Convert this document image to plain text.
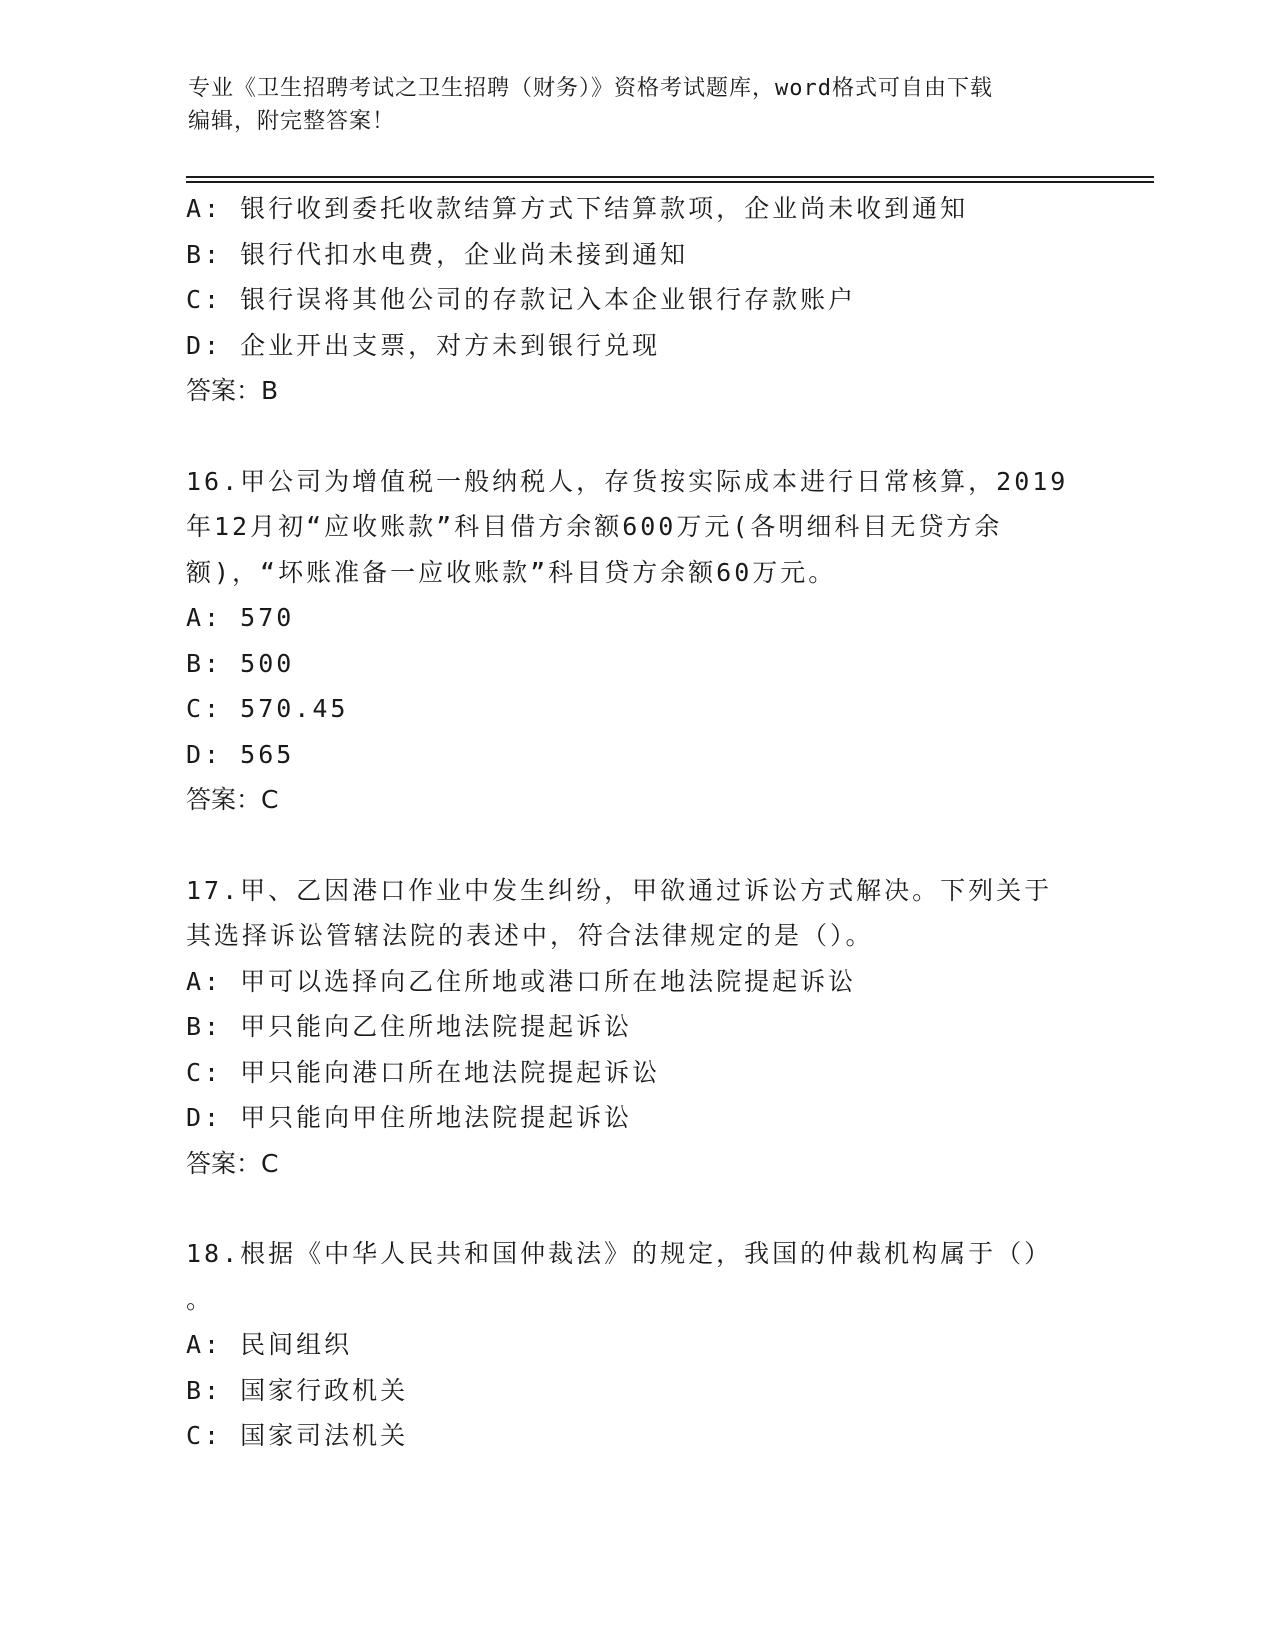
专业《卫生招聘考试之卫生招聘（财务）》资格考试题库，word格式可自由下载
编辑，附完整答案！
A: 银行收到委托收款结算方式下结算款项，企业尚未收到通知
B: 银行代扣水电费，企业尚未接到通知
C: 银行误将其他公司的存款记入本企业银行存款账户
D: 企业开出支票，对方未到银行兑现
答案：B
16.甲公司为增值税一般纳税人，存货按实际成本进行日常核算，2019
年12月初“应收账款”科目借方余额600万元(各明细科目无贷方余
额)，“坏账准备一应收账款”科目贷方余额60万元。
A: 570
B: 500
C: 570.45
D: 565
答案：C
17.甲、乙因港口作业中发生纠纷，甲欲通过诉讼方式解决。下列关于
其选择诉讼管辖法院的表述中，符合法律规定的是（）。
A: 甲可以选择向乙住所地或港口所在地法院提起诉讼
B: 甲只能向乙住所地法院提起诉讼
C: 甲只能向港口所在地法院提起诉讼
D: 甲只能向甲住所地法院提起诉讼
答案：C
18.根据《中华人民共和国仲裁法》的规定，我国的仲裁机构属于（）
。
A: 民间组织
B: 国家行政机关
C: 国家司法机关
